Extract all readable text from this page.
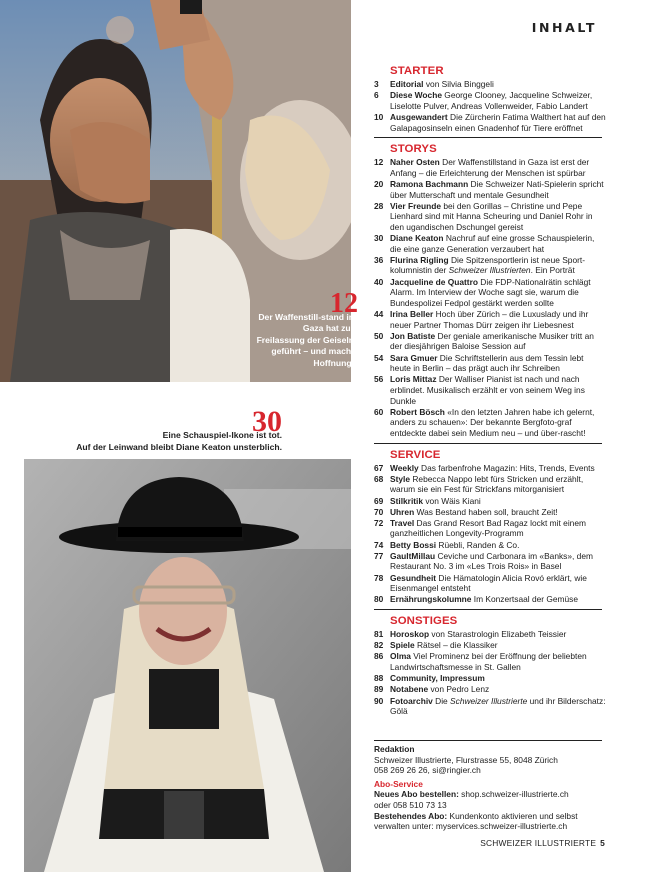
INHALT
12
Der Waffenstill-stand in Gaza hat zur Freilassung der Geiseln geführt – und macht Hoffnung.
30
Eine Schauspiel-Ikone ist tot.
Auf der Leinwand bleibt Diane Keaton unsterblich.
STARTER
3	Editorial von Silvia Binggeli
6	Diese Woche George Clooney, Jacqueline Schweizer, Liselotte Pulver, Andreas Vollenweider, Fabio Landert
10 Ausgewandert Die Zürcherin Fatima Walthert hat auf den Galapagosinseln einen Gnadenhof für Tiere eröffnet
STORYS
12 Naher Osten Der Waffenstillstand in Gaza ist erst der Anfang – die Erleichterung der Menschen ist spürbar
20 Ramona Bachmann Die Schweizer Nati-Spielerin spricht über Mutterschaft und mentale Gesundheit
28 Vier Freunde bei den Gorillas – Christine und Pepe Lienhard sind mit Hanna Scheuring und Daniel Rohr in den ugandischen Dschungel gereist
30 Diane Keaton Nachruf auf eine grosse Schauspielerin, die eine ganze Generation verzaubert hat
36 Flurina Rigling Die Spitzensportlerin ist neue Sport-kolumnistin der Schweizer Illustrierten. Ein Porträt
40 Jacqueline de Quattro Die FDP-Nationalrätin schlägt Alarm. Im Interview der Woche sagt sie, warum die Bundespolizei Fedpol gestärkt werden sollte
44 Irina Beller Hoch über Zürich – die Luxuslady und ihr neuer Partner Thomas Dürr zeigen ihr Liebesnest
50 Jon Batiste Der geniale amerikanische Musiker tritt an der diesjährigen Baloise Session auf
54 Sara Gmuer Die Schriftstellerin aus dem Tessin lebt heute in Berlin – das prägt auch ihr Schreiben
56 Loris Mittaz Der Walliser Pianist ist nach und nach erblindet. Musikalisch erzählt er von seinem Weg ins Dunkle
60 Robert Bösch «In den letzten Jahren habe ich gelernt, anders zu schauen»: Der bekannte Bergfoto-graf entdeckte dabei sein Medium neu – und über-rascht!
SERVICE
67 Weekly Das farbenfrohe Magazin: Hits, Trends, Events
68 Style Rebecca Nappo lebt fürs Stricken und erzählt, warum sie ein Fest für Strickfans mitorganisiert
69 Stilkritik von Wäis Kiani
70 Uhren Was Bestand haben soll, braucht Zeit!
72 Travel Das Grand Resort Bad Ragaz lockt mit einem ganzheitlichen Longevity-Programm
74 Betty Bossi Rüebli, Randen & Co.
77 GaultMillau Ceviche und Carbonara im «Banks», dem Restaurant No. 3 im «Les Trois Rois» in Basel
78 Gesundheit Die Hämatologin Alicia Rovó erklärt, wie Eisenmangel entsteht
80 Ernährungskolumne Im Konzertsaal der Gemüse
SONSTIGES
81 Horoskop von Starastrologin Elizabeth Teissier
82 Spiele Rätsel – die Klassiker
86 Olma Viel Prominenz bei der Eröffnung der beliebten Landwirtschaftsmesse in St. Gallen
88 Community, Impressum
89 Notabene von Pedro Lenz
90 Fotoarchiv Die Schweizer Illustrierte und ihr Bilderschatz: Gölä
Redaktion
Schweizer Illustrierte, Flurstrasse 55, 8048 Zürich
058 269 26 26, si@ringier.ch
Abo-Service
Neues Abo bestellen: shop.schweizer-illustrierte.ch
oder 058 510 73 13
Bestehendes Abo: Kundenkonto aktivieren und selbst verwalten unter: myservices.schweizer-illustrierte.ch
SCHWEIZER ILLUSTRIERTE 5
